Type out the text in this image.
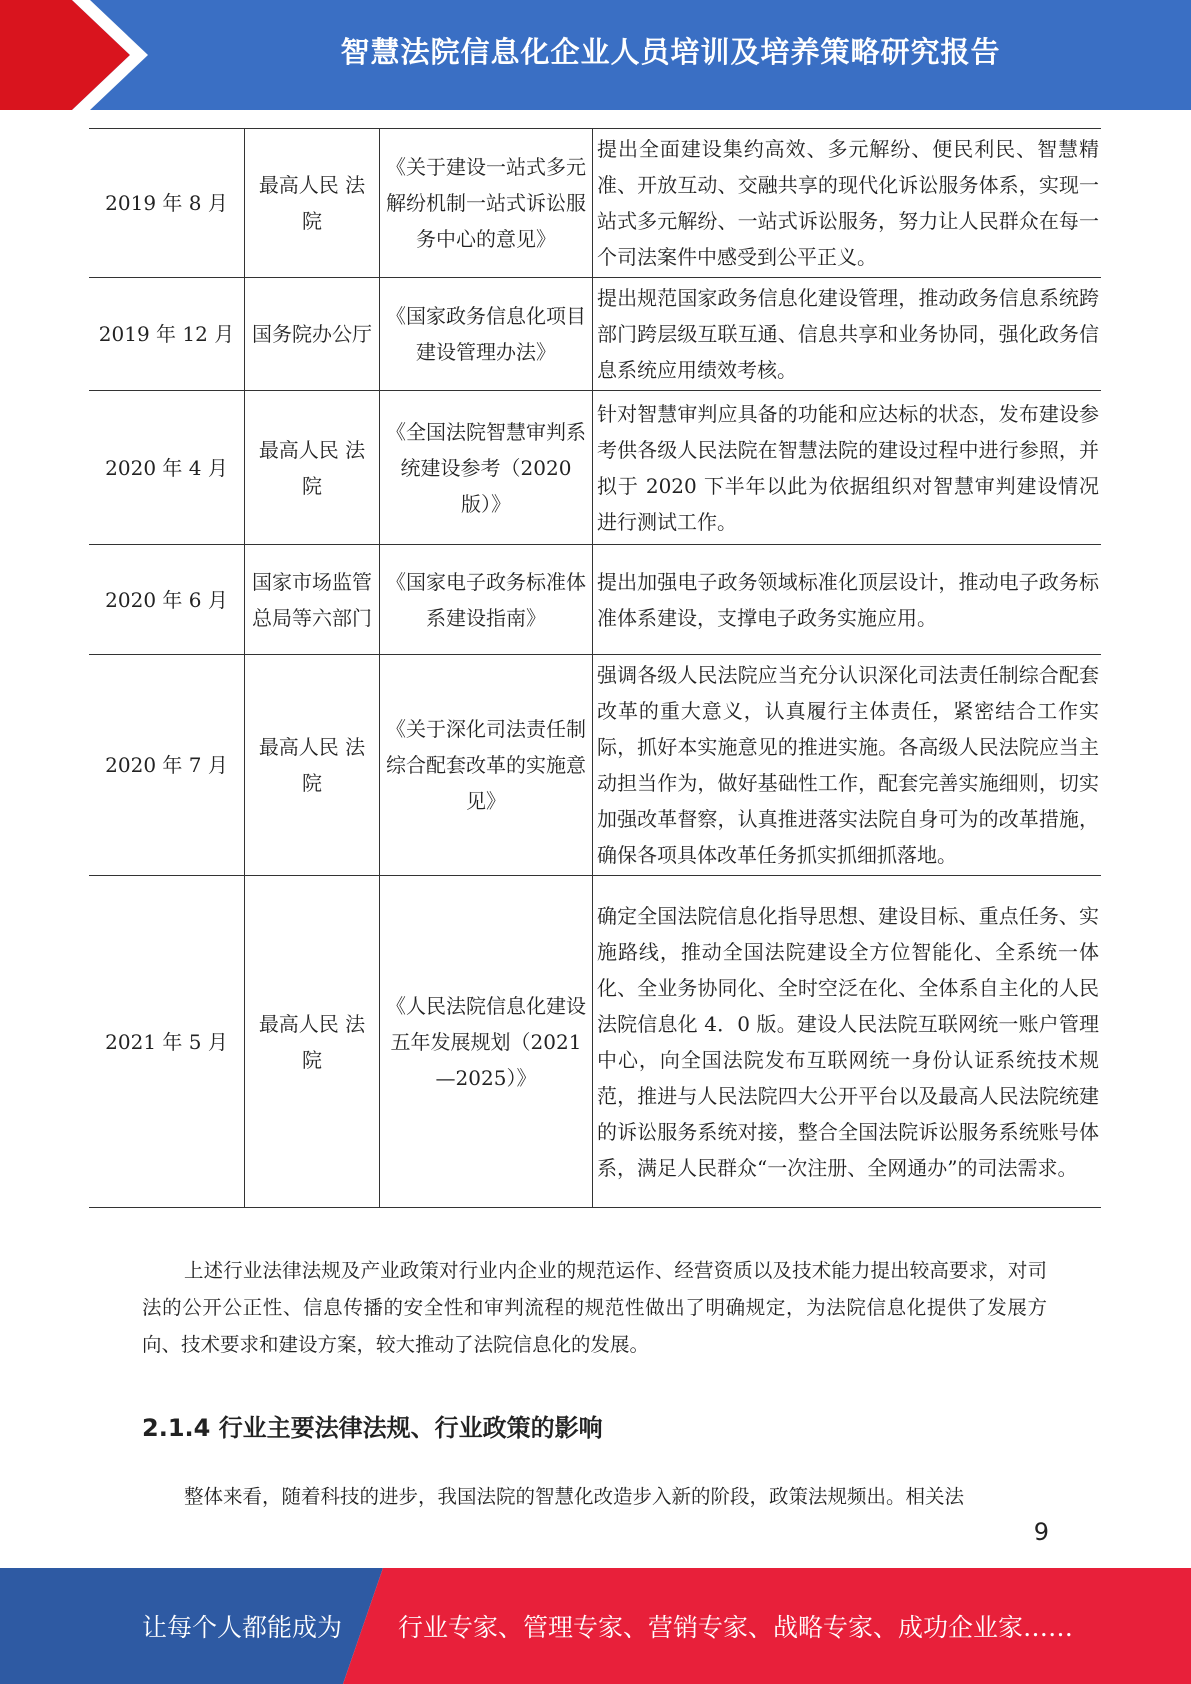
智慧法院信息化企业人员培训及培养策略研究报告
2019 年 8 月	最高人民 法院	《关于建设一站式多元解纷机制一站式诉讼服务中心的意见》	提出全面建设集约高效、多元解纷、便民利民、智慧精准、开放互动、交融共享的现代化诉讼服务体系，实现一站式多元解纷、一站式诉讼服务，努力让人民群众在每一个司法案件中感受到公平正义。
2019 年 12 月	国务院办公厅	《国家政务信息化项目建设管理办法》	提出规范国家政务信息化建设管理，推动政务信息系统跨部门跨层级互联互通、信息共享和业务协同，强化政务信息系统应用绩效考核。
2020 年 4 月	最高人民 法院	《全国法院智慧审判系统建设参考（2020 版）》	针对智慧审判应具备的功能和应达标的状态，发布建设参考供各级人民法院在智慧法院的建设过程中进行参照，并拟于 2020 下半年以此为依据组织对智慧审判建设情况进行测试工作。
2020 年 6 月	国家市场监管总局等六部门	《国家电子政务标准体系建设指南》	提出加强电子政务领域标准化顶层设计，推动电子政务标准体系建设，支撑电子政务实施应用。
2020 年 7 月	最高人民 法院	《关于深化司法责任制综合配套改革的实施意见》	强调各级人民法院应当充分认识深化司法责任制综合配套改革的重大意义，认真履行主体责任，紧密结合工作实际，抓好本实施意见的推进实施。各高级人民法院应当主动担当作为，做好基础性工作，配套完善实施细则，切实加强改革督察，认真推进落实法院自身可为的改革措施，确保各项具体改革任务抓实抓细抓落地。
2021 年 5 月	最高人民 法院	《人民法院信息化建设五年发展规划（2021—2025）》	确定全国法院信息化指导思想、建设目标、重点任务、实施路线，推动全国法院建设全方位智能化、全系统一体化、全业务协同化、全时空泛在化、全体系自主化的人民法院信息化 4．0 版。建设人民法院互联网统一账户管理中心，向全国法院发布互联网统一身份认证系统技术规范，推进与人民法院四大公开平台以及最高人民法院统建的诉讼服务系统对接，整合全国法院诉讼服务系统账号体系，满足人民群众“一次注册、全网通办”的司法需求。

上述行业法律法规及产业政策对行业内企业的规范运作、经营资质以及技术能力提出较高要求，对司法的公开公正性、信息传播的安全性和审判流程的规范性做出了明确规定，为法院信息化提供了发展方向、技术要求和建设方案，较大推动了法院信息化的发展。

2.1.4 行业主要法律法规、行业政策的影响

整体来看，随着科技的进步，我国法院的智慧化改造步入新的阶段，政策法规频出。相关法

9
让每个人都能成为 行业专家、管理专家、营销专家、战略专家、成功企业家……
